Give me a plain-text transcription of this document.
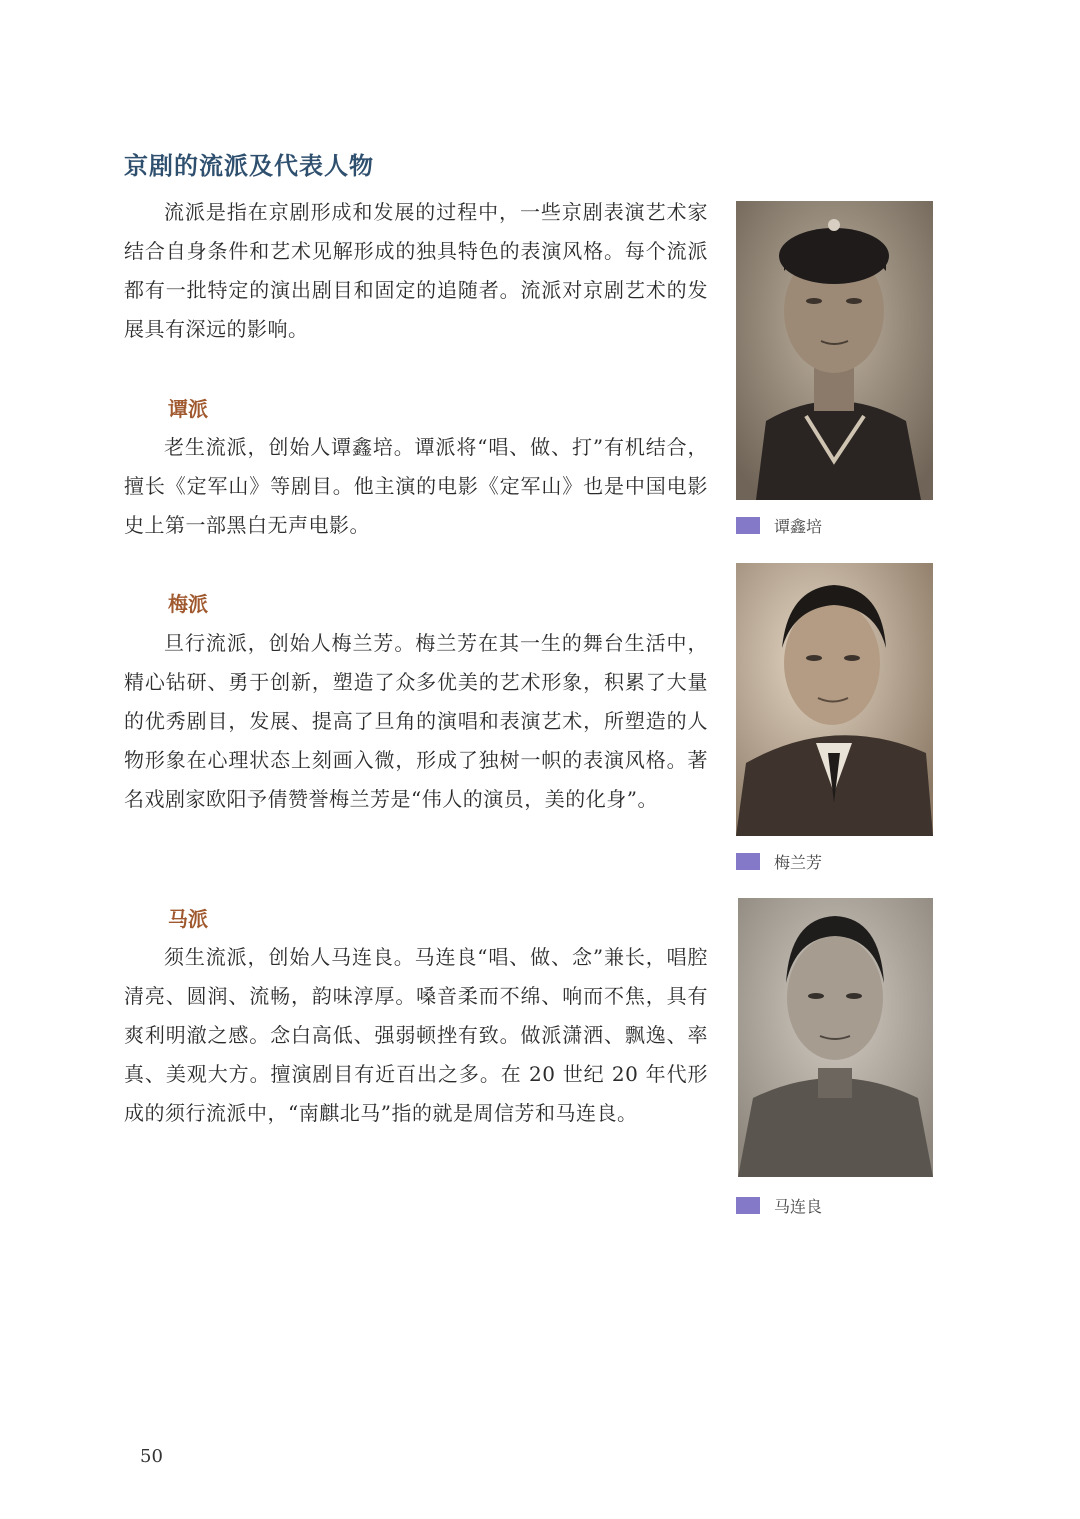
京剧的流派及代表人物

流派是指在京剧形成和发展的过程中，一些京剧表演艺术家结合自身条件和艺术见解形成的独具特色的表演风格。每个流派都有一批特定的演出剧目和固定的追随者。流派对京剧艺术的发展具有深远的影响。

谭派

老生流派，创始人谭鑫培。谭派将“唱、做、打”有机结合，擅长《定军山》等剧目。他主演的电影《定军山》也是中国电影史上第一部黑白无声电影。	谭鑫培
梅派

旦行流派，创始人梅兰芳。梅兰芳在其一生的舞台生活中，精心钻研、勇于创新，塑造了众多优美的艺术形象，积累了大量的优秀剧目，发展、提高了旦角的演唱和表演艺术，所塑造的人物形象在心理状态上刻画入微，形成了独树一帜的表演风格。著名戏剧家欧阳予倩赞誉梅兰芳是“伟人的演员，美的化身”。

梅兰芳
马派

须生流派，创始人马连良。马连良“唱、做、念”兼长，唱腔清亮、圆润、流畅，韵味淳厚。嗓音柔而不绵、响而不焦，具有爽利明澈之感。念白高低、强弱顿挫有致。做派潇洒、飘逸、率真、美观大方。擅演剧目有近百出之多。在 20 世纪 20 年代形成的须行流派中，“南麒北马”指的就是周信芳和马连良。

马连良
50
